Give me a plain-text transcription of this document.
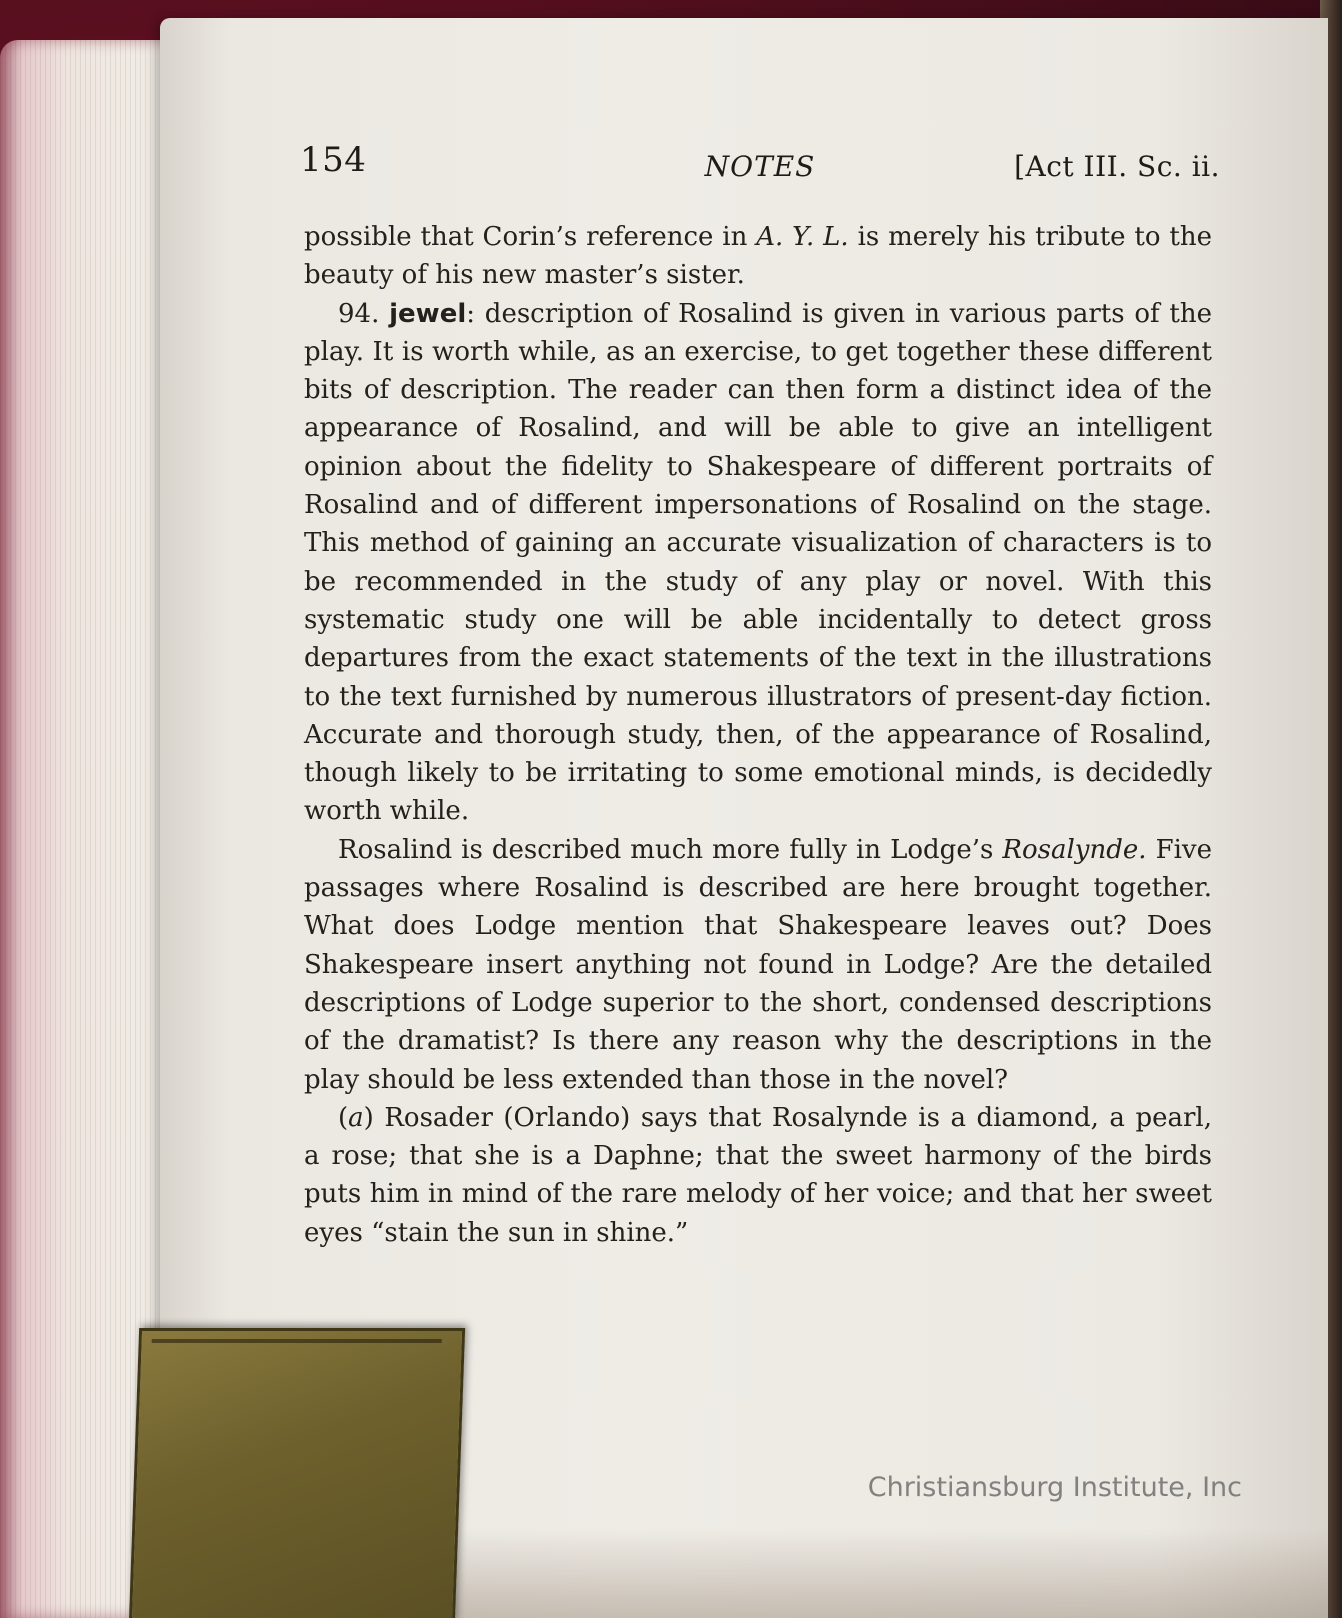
154	NOTES	[Act III. Sc. ii.

possible that Corin’s reference in A. Y. L. is merely his tribute to the beauty of his new master’s sister.

94. jewel: description of Rosalind is given in various parts of the play. It is worth while, as an exercise, to get together these different bits of description. The reader can then form a distinct idea of the appearance of Rosalind, and will be able to give an intelligent opinion about the fidelity to Shakespeare of different portraits of Rosalind and of different impersonations of Rosalind on the stage. This method of gaining an accurate visualization of characters is to be recommended in the study of any play or novel. With this systematic study one will be able incidentally to detect gross departures from the exact statements of the text in the illustrations to the text furnished by numerous illustrators of present-day fiction. Accurate and thorough study, then, of the appearance of Rosalind, though likely to be irritating to some emotional minds, is decidedly worth while.

Rosalind is described much more fully in Lodge’s Rosalynde. Five passages where Rosalind is described are here brought together. What does Lodge mention that Shakespeare leaves out? Does Shakespeare insert anything not found in Lodge? Are the detailed descriptions of Lodge superior to the short, condensed descriptions of the dramatist? Is there any reason why the descriptions in the play should be less extended than those in the novel?

(a) Rosader (Orlando) says that Rosalynde is a diamond, a pearl, a rose; that she is a Daphne; that the sweet harmony of the birds puts him in mind of the rare melody of her voice; and that her sweet eyes “stain the sun in shine.”

Christiansburg Institute, Inc
